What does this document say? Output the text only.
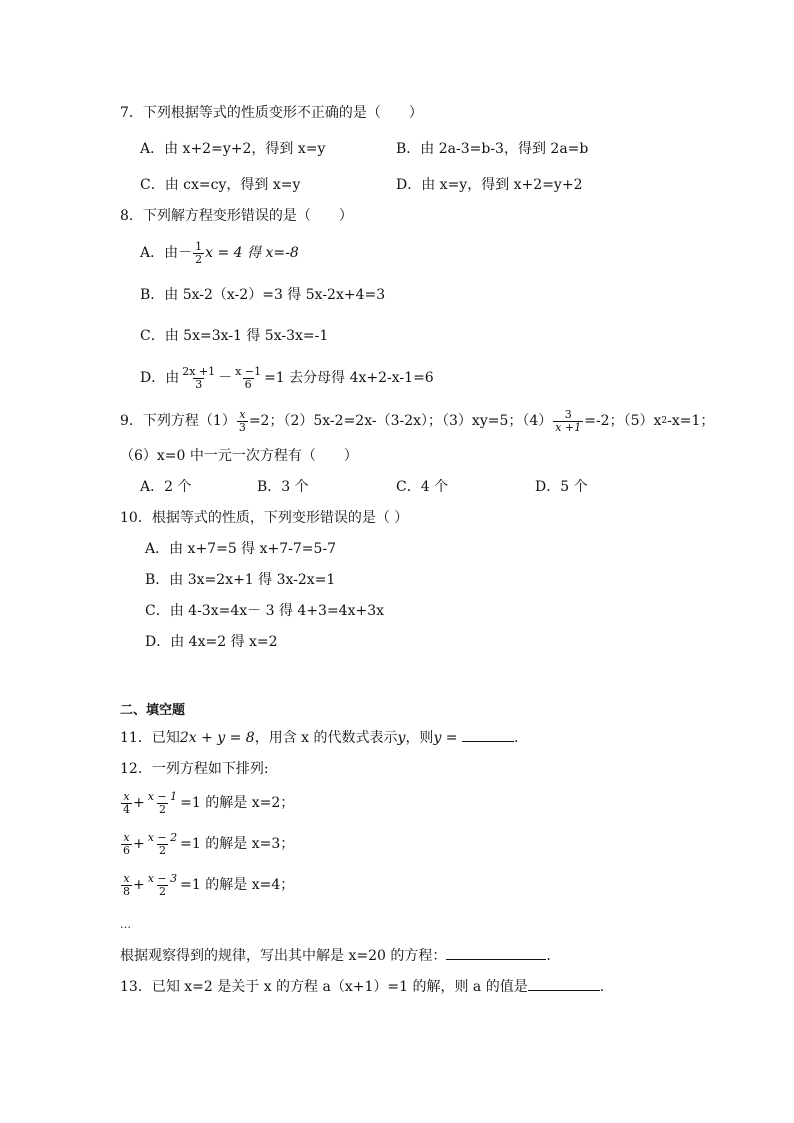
7．下列根据等式的性质变形不正确的是（　　）
A．由 x+2=y+2，得到 x=y	B．由 2a-3=b-3，得到 2a=b
C．由 cx=cy，得到 x=y	D．由 x=y，得到 x+2=y+2
8．下列解方程变形错误的是（　　）
A．由－ $\frac{1}{2}$ x = 4 得 x=-8
B．由 5x-2（x-2）=3 得 5x-2x+4=3
C．由 5x=3x-1 得 5x-3x=-1
D．由 $\frac{2x +1}{3} - \frac{x -1}{6} =1$ 去分母得 4x+2-x-1=6
9．下列方程$(1) \frac{x}{3} =2$；（2）5x-2=2x-（3-2x）；（3）xy=5；$(4) \frac{3}{x +1} =-2$；（5）x 2 -x=1；
（6）x=0 中一元一次方程有（　　）
A．2 个	B．3 个	C．4 个	D．5 个
10．根据等式的性质，下列变形错误的是（ ）
A．由 x+7=5 得 x+7-7=5-7
B．由 3x=2x+1 得 3x-2x=1
C．由 4-3x=4x－ 3 得 4+3=4x+3x
D．由 4x=2 得 x=2
二、填空题
11．已知2x + y = 8，用含 x 的代数式表示y，则y =	.
12．一列方程如下排列:
$\frac{x}{4} + \frac{x - 1}{2} =1$ 的解是 x=2；
$\frac{x}{6} + \frac{x - 2}{2} =1$ 的解是 x=3；
$\frac{x}{8} + \frac{x - 3}{2} =1$ 的解是 x=4；
…
根据观察得到的规律，写出其中解是 x=20 的方程：	.
13．已知 x=2 是关于 x 的方程 a（x+1）=1 的解，则 a 的值是	.
